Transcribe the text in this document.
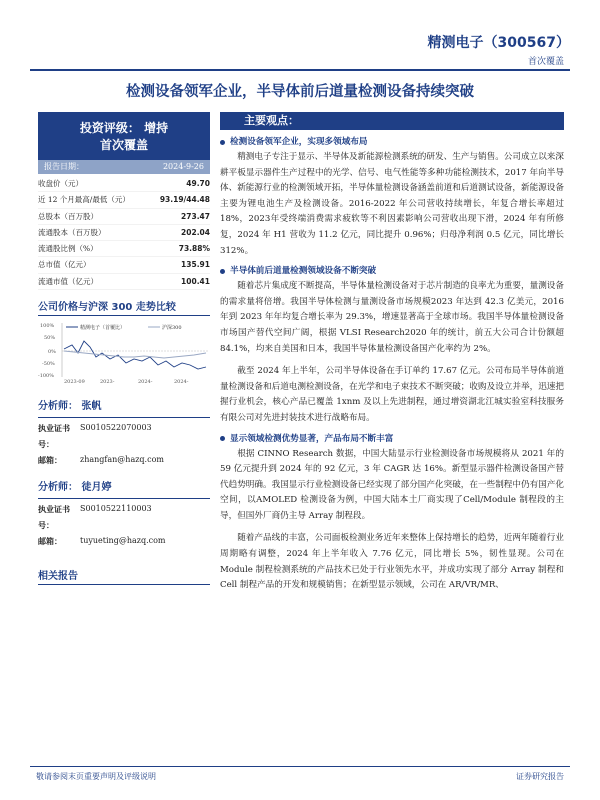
精测电子（300567）
首次覆盖
检测设备领军企业，半导体前后道量检测设备持续突破
投资评级： 增持
首次覆盖
报告日期：	2024-9-26
收盘价（元）	49.70
近 12 个月最高/最低（元）	93.19/44.48
总股本（百万股）	273.47
流通股本（百万股）	202.04
流通股比例（%）	73.88%
总市值（亿元）	135.91
流通市值（亿元）	100.41
公司价格与沪深 300 走势比较
100%
50%
0%
-50%
-100%
精测电子（首覆比）	沪深300
2023-09	2023-	2024-	2024-
分析师： 张帆
执业证书号：
S0010522070003
邮箱：	zhangfan@hazq.com
分析师： 徒月婷
执业证书号：
S0010522110003
邮箱：	tuyueting@hazq.com
相关报告
主要观点：
检测设备领军企业，实现多领域布局

精测电子专注于显示、半导体及新能源检测系统的研发、生产与销售。公司成立以来深耕平板显示器件生产过程中的光学、信号、电气性能等多种功能检测技术，2017 年向半导体、新能源行业的检测领域开拓，半导体量检测设备涵盖前道和后道测试设备，新能源设备主要为锂电池生产及检测设备。2016-2022 年公司营收持续增长，年复合增长率超过18%，2023年受终端消费需求疲软等不利因素影响公司营收出现下滑，2024 年有所修复，2024 年 H1 营收为 11.2 亿元，同比提升 0.96%；归母净利润 0.5 亿元，同比增长 312%。

半导体前后道量检测领域设备不断突破

随着芯片集成度不断提高，半导体量检测设备对于芯片制造的良率尤为重要，量测设备的需求量将倍增。我国半导体检测与量测设备市场规模2023 年达到 42.3 亿美元，2016 年到 2023 年年均复合增长率为 29.3%，增速显著高于全球市场。我国半导体量检测设备市场国产替代空间广阔，根据 VLSI Research2020 年的统计，前五大公司合计份额超 84.1%，均来自美国和日本，我国半导体量检测设备国产化率约为 2%。

截至 2024 年上半年，公司半导体设备在手订单约 17.67 亿元。公司布局半导体前道量检测设备和后道电测检测设备，在光学和电子束技术不断突破；收购及设立并举，迅速把握行业机会，核心产品已覆盖 1xnm 及以上先进制程，通过增资湖北江城实验室科技服务有限公司对先进封装技术进行战略布局。

显示领域检测优势显著，产品布局不断丰富

根据 CINNO Research 数据，中国大陆显示行业检测设备市场规模将从 2021 年的 59 亿元提升到 2024 年的 92 亿元，3 年 CAGR 达 16%。新型显示器件检测设备国产替代趋势明确。我国显示行业检测设备已经实现了部分国产化突破，在一些制程中仍有国产化空间，以AMOLED 检测设备为例，中国大陆本土厂商实现了Cell/Module 制程段的主导，但国外厂商仍主导 Array 制程段。

随着产品线的丰富，公司面板检测业务近年来整体上保持增长的趋势，近两年随着行业周期略有调整，2024 年上半年收入 7.76 亿元，同比增长 5%，韧性显现。公司在Module 制程检测系统的产品技术已处于行业领先水平，并成功实现了部分 Array 制程和 Cell 制程产品的开发和规模销售；在新型显示领域，公司在 AR/VR/MR、

敬请参阅末页重要声明及评级说明	证券研究报告
